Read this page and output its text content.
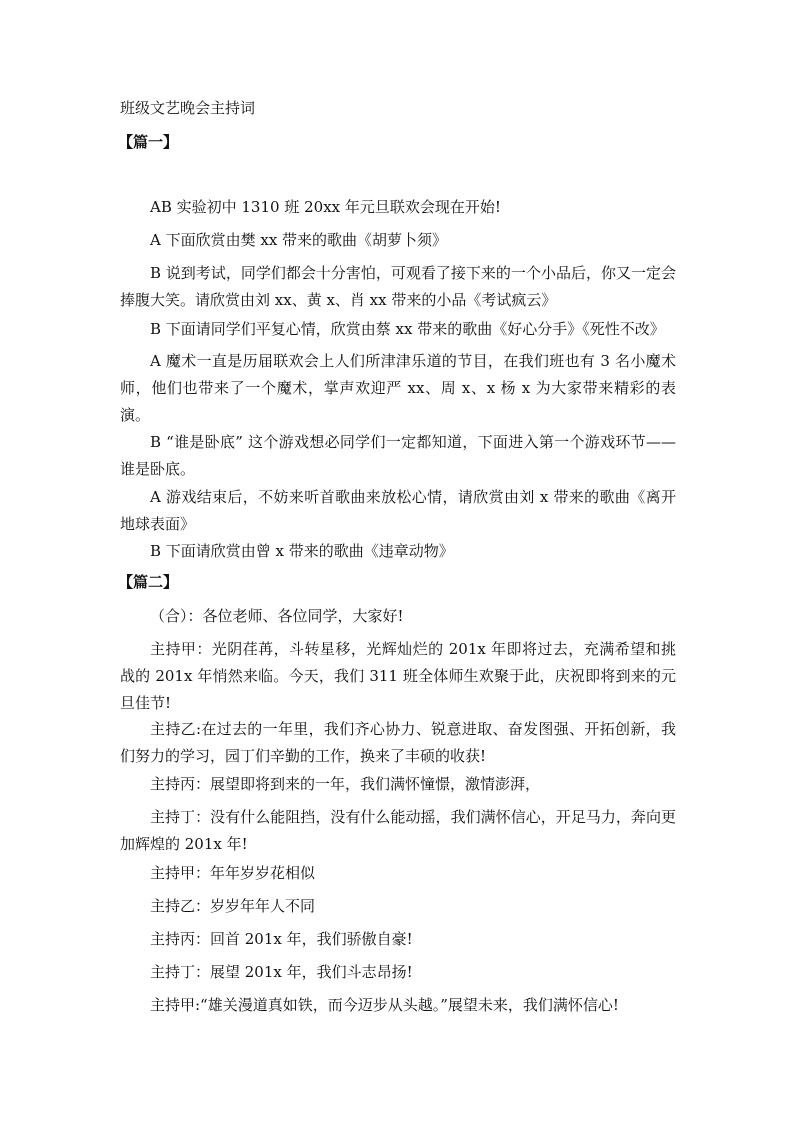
班级文艺晚会主持词
【篇一】

AB 实验初中 1310 班 20xx 年元旦联欢会现在开始!

A 下面欣赏由樊 xx 带来的歌曲《胡萝卜须》

B 说到考试，同学们都会十分害怕，可观看了接下来的一个小品后，你又一定会捧腹大笑。请欣赏由刘 xx、黄 x、肖 xx 带来的小品《考试疯云》

B 下面请同学们平复心情，欣赏由蔡 xx 带来的歌曲《好心分手》《死性不改》

A 魔术一直是历届联欢会上人们所津津乐道的节目，在我们班也有 3 名小魔术师，他们也带来了一个魔术，掌声欢迎严 xx、周 x、x 杨 x 为大家带来精彩的表演。

B “谁是卧底” 这个游戏想必同学们一定都知道，下面进入第一个游戏环节——谁是卧底。

A 游戏结束后，不妨来听首歌曲来放松心情，请欣赏由刘 x 带来的歌曲《离开地球表面》

B 下面请欣赏由曾 x 带来的歌曲《违章动物》

【篇二】

（合）：各位老师、各位同学，大家好!

主持甲：光阴荏苒，斗转星移，光辉灿烂的 201x 年即将过去，充满希望和挑战的 201x 年悄然来临。今天，我们 311 班全体师生欢聚于此，庆祝即将到来的元旦佳节!

主持乙:在过去的一年里，我们齐心协力、锐意进取、奋发图强、开拓创新，我们努力的学习，园丁们辛勤的工作，换来了丰硕的收获!

主持丙：展望即将到来的一年，我们满怀憧憬，激情澎湃，

主持丁：没有什么能阻挡，没有什么能动摇，我们满怀信心，开足马力，奔向更加辉煌的 201x 年!

主持甲：年年岁岁花相似

主持乙：岁岁年年人不同

主持丙：回首 201x 年，我们骄傲自豪!

主持丁：展望 201x 年，我们斗志昂扬!

主持甲:“雄关漫道真如铁，而今迈步从头越。”展望未来，我们满怀信心!
